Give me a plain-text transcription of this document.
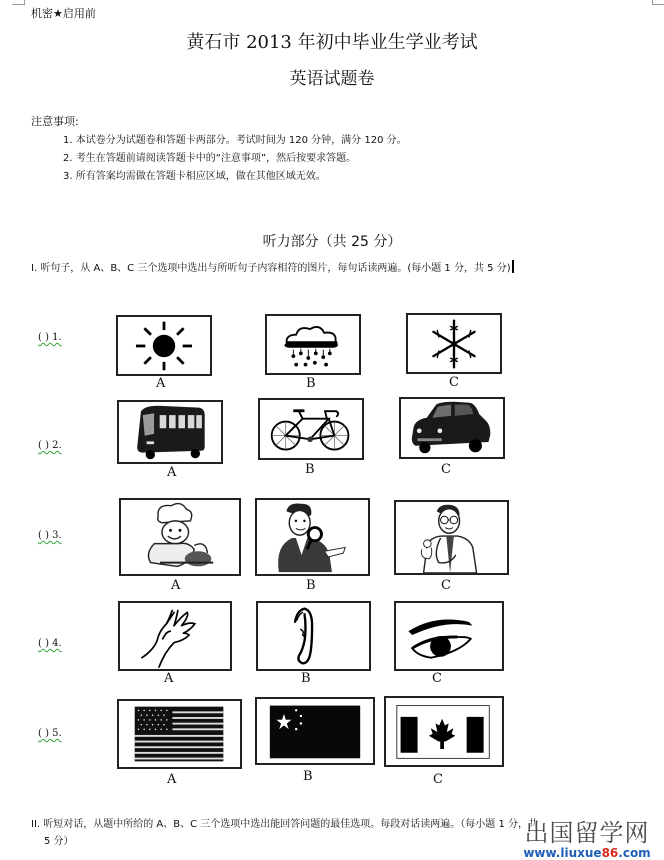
机密★启用前
黄石市 2013 年初中毕业生学业考试
英语试题卷
注意事项:
1. 本试卷分为试题卷和答题卡两部分。考试时间为 120 分钟，满分 120 分。
2. 考生在答题前请阅读答题卡中的“注意事项”，然后按要求答题。
3. 所有答案均需做在答题卡相应区域，做在其他区域无效。
听力部分（共 25 分）
I. 听句子，从 A、B、C 三个选项中选出与所听句子内容相符的图片，每句话读两遍。(每小题 1 分，共 5 分)
( ) 1.
A	B	C
( ) 2.
A	B	C
( ) 3.
A	B	C
( ) 4.
A	B	C
( ) 5.
A	B	C
II. 听短对话，从题中所给的 A、B、C 三个选项中选出能回答问题的最佳选项。每段对话读两遍。（每小题 1 分，共
5 分）	出国留学网
www.liuxue86.com
